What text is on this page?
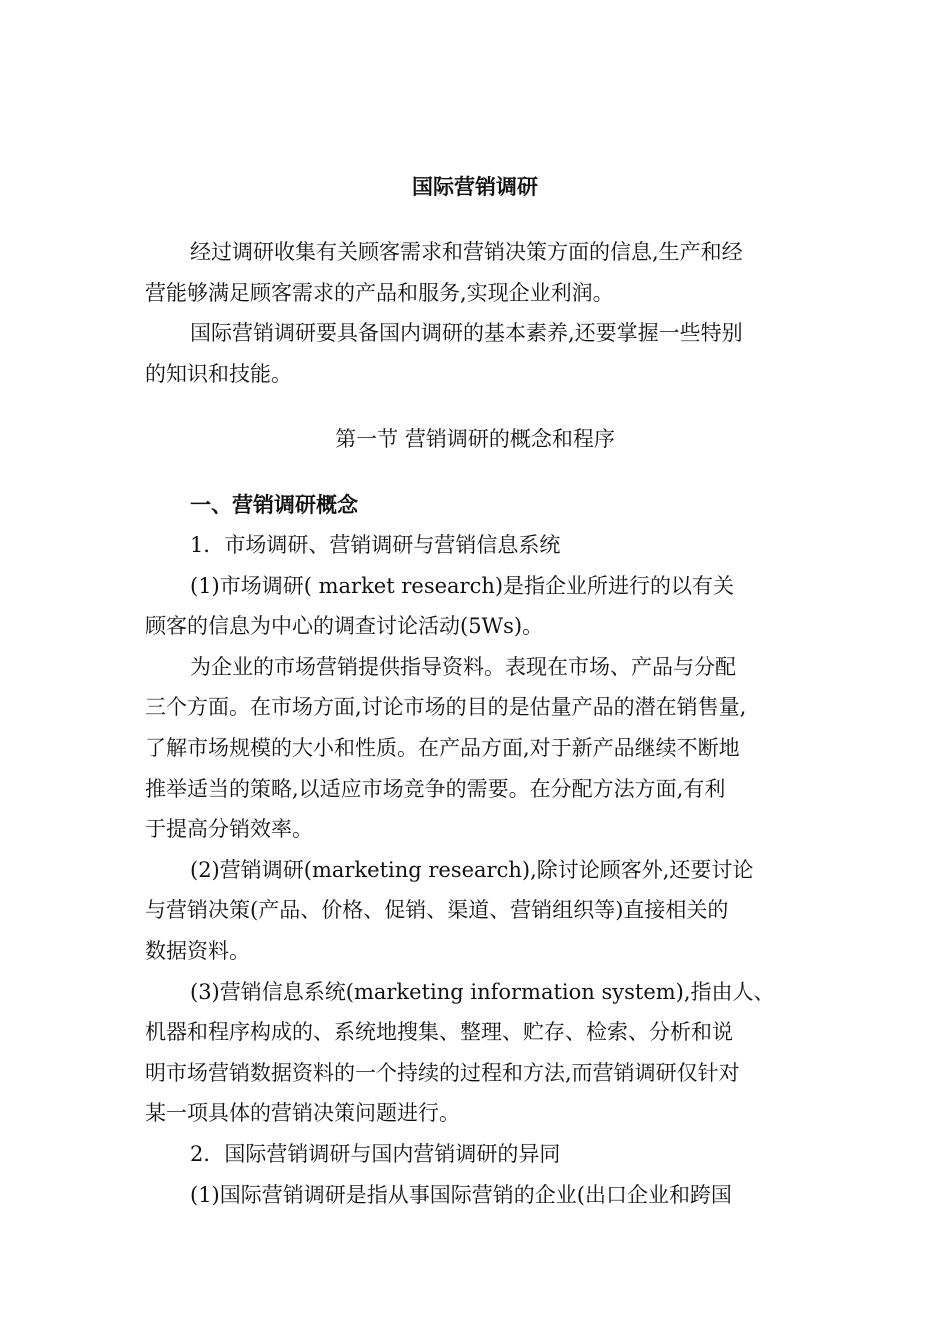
国际营销调研

经过调研收集有关顾客需求和营销决策方面的信息,生产和经

营能够满足顾客需求的产品和服务,实现企业利润。

国际营销调研要具备国内调研的基本素养,还要掌握一些特别

的知识和技能。

第一节 营销调研的概念和程序
一、营销调研概念

1．市场调研、营销调研与营销信息系统

(1)市场调研( market research)是指企业所进行的以有关

顾客的信息为中心的调查讨论活动(5Ws)。

为企业的市场营销提供指导资料。表现在市场、产品与分配

三个方面。在市场方面,讨论市场的目的是估量产品的潜在销售量,

了解市场规模的大小和性质。在产品方面,对于新产品继续不断地

推举适当的策略,以适应市场竞争的需要。在分配方法方面,有利

于提高分销效率。

(2)营销调研(marketing research),除讨论顾客外,还要讨论

与营销决策(产品、价格、促销、渠道、营销组织等)直接相关的

数据资料。

(3)营销信息系统(marketing information system),指由人、

机器和程序构成的、系统地搜集、整理、贮存、检索、分析和说

明市场营销数据资料的一个持续的过程和方法,而营销调研仅针对

某一项具体的营销决策问题进行。

2．国际营销调研与国内营销调研的异同

(1)国际营销调研是指从事国际营销的企业(出口企业和跨国
